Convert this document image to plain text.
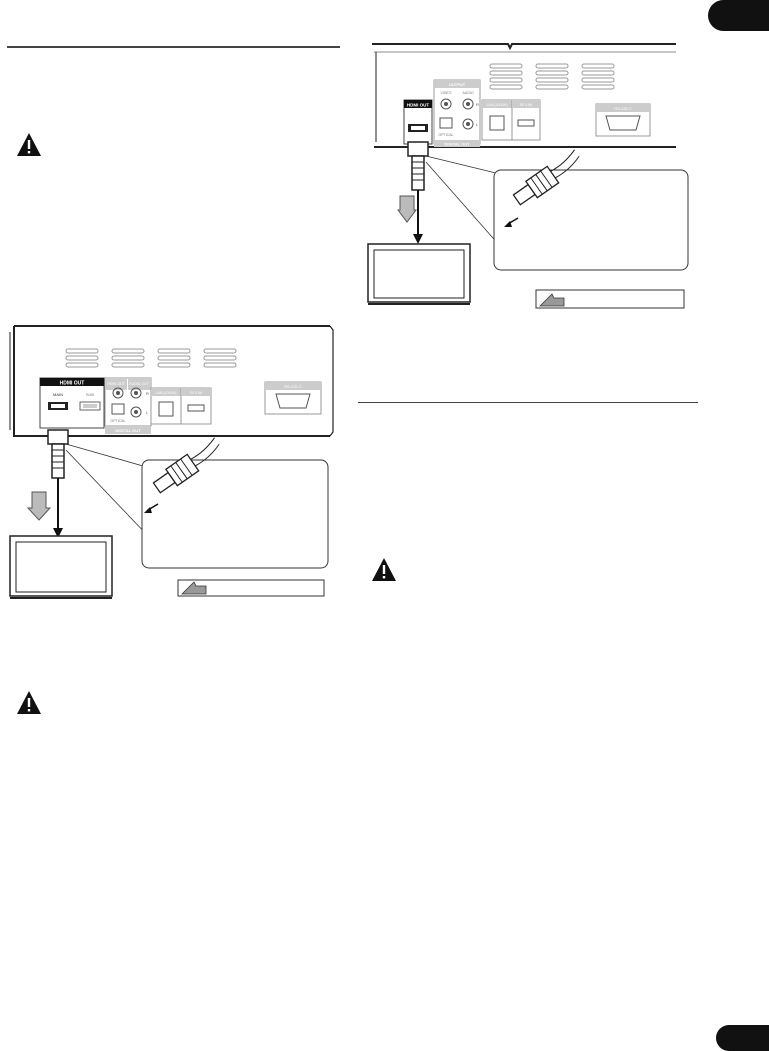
HDMI OUT
MAIN	SUB
HDMI OUT AUDIO OUT
R
L
OPTICAL
DIGITAL OUT
LAN (10/100)	5V 0.5A
RS-232 C
HDMI OUT
OUTPUT
VIDEO	AUDIO
R
L
OPTICAL
DIGITAL OUT
LAN (10/100)	5V 0.5A
RS-232 C
